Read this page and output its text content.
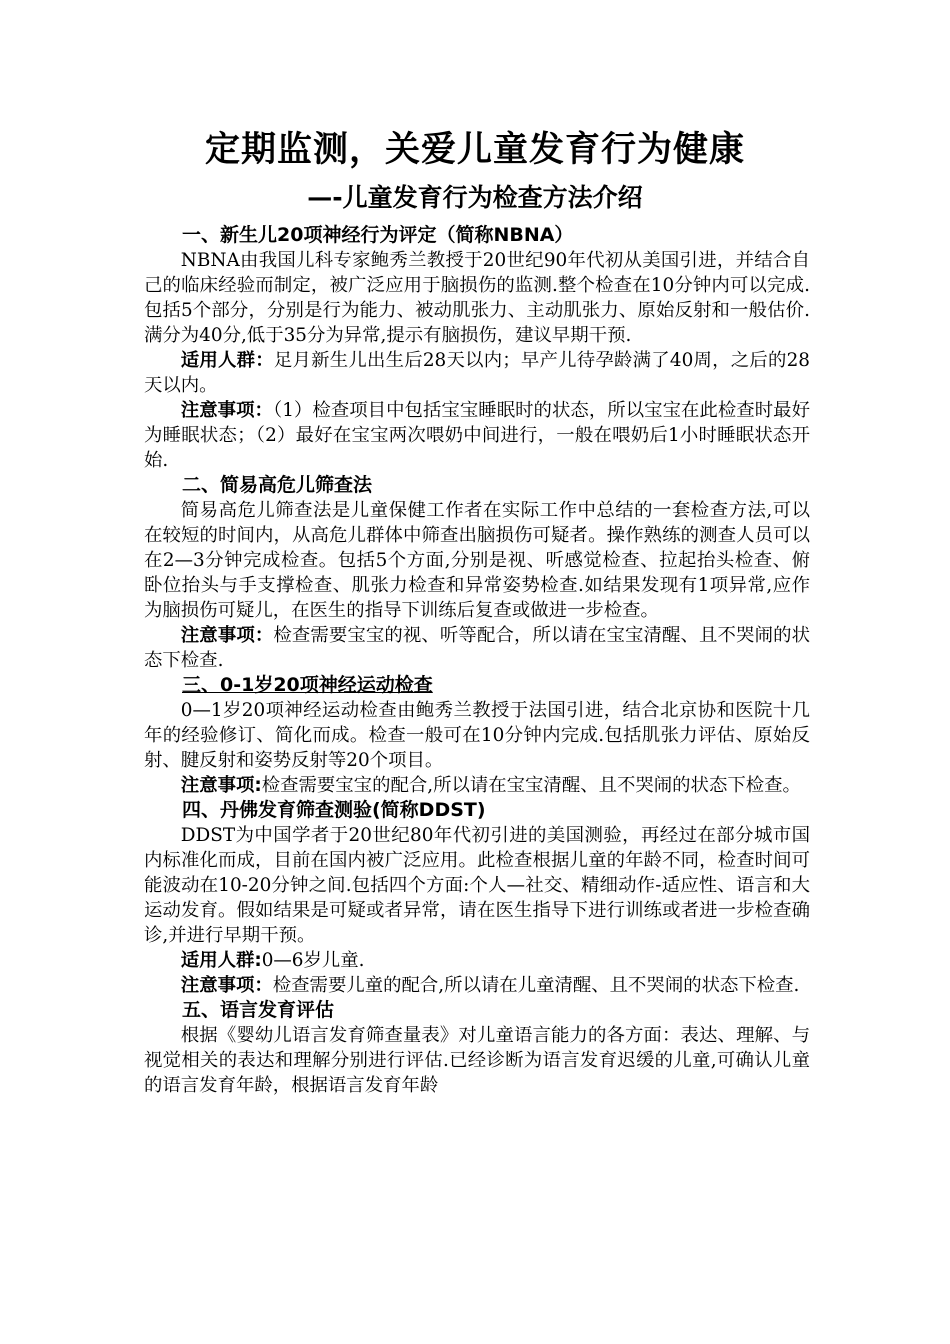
定期监测，关爱儿童发育行为健康
—-儿童发育行为检查方法介绍
一、新生儿20项神经行为评定（简称NBNA）

NBNA由我国儿科专家鲍秀兰教授于20世纪90年代初从美国引进，并结合自己的临床经验而制定，被广泛应用于脑损伤的监测.整个检查在10分钟内可以完成.包括5个部分，分别是行为能力、被动肌张力、主动肌张力、原始反射和一般估价.满分为40分,低于35分为异常,提示有脑损伤，建议早期干预.

适用人群：足月新生儿出生后28天以内；早产儿待孕龄满了40周，之后的28天以内。

注意事项：（1）检查项目中包括宝宝睡眠时的状态，所以宝宝在此检查时最好为睡眠状态；（2）最好在宝宝两次喂奶中间进行，一般在喂奶后1小时睡眠状态开始.

二、简易高危儿筛查法

简易高危儿筛查法是儿童保健工作者在实际工作中总结的一套检查方法,可以在较短的时间内，从高危儿群体中筛查出脑损伤可疑者。操作熟练的测查人员可以在2—3分钟完成检查。包括5个方面,分别是视、听感觉检查、拉起抬头检查、俯卧位抬头与手支撑检查、肌张力检查和异常姿势检查.如结果发现有1项异常,应作为脑损伤可疑儿，在医生的指导下训练后复查或做进一步检查。

注意事项：检查需要宝宝的视、听等配合，所以请在宝宝清醒、且不哭闹的状态下检查.

三、0-1岁20项神经运动检查

0—1岁20项神经运动检查由鲍秀兰教授于法国引进，结合北京协和医院十几年的经验修订、简化而成。检查一般可在10分钟内完成.包括肌张力评估、原始反射、腱反射和姿势反射等20个项目。

注意事项:检查需要宝宝的配合,所以请在宝宝清醒、且不哭闹的状态下检查。

四、丹佛发育筛查测验(简称DDST)

DDST为中国学者于20世纪80年代初引进的美国测验，再经过在部分城市国内标准化而成，目前在国内被广泛应用。此检查根据儿童的年龄不同，检查时间可能波动在10-20分钟之间.包括四个方面:个人—社交、精细动作-适应性、语言和大运动发育。假如结果是可疑或者异常，请在医生指导下进行训练或者进一步检查确诊,并进行早期干预。

适用人群:0—6岁儿童.

注意事项：检查需要儿童的配合,所以请在儿童清醒、且不哭闹的状态下检查.

五、语言发育评估

根据《婴幼儿语言发育筛查量表》对儿童语言能力的各方面：表达、理解、与视觉相关的表达和理解分别进行评估.已经诊断为语言发育迟缓的儿童,可确认儿童的语言发育年龄，根据语言发育年龄
